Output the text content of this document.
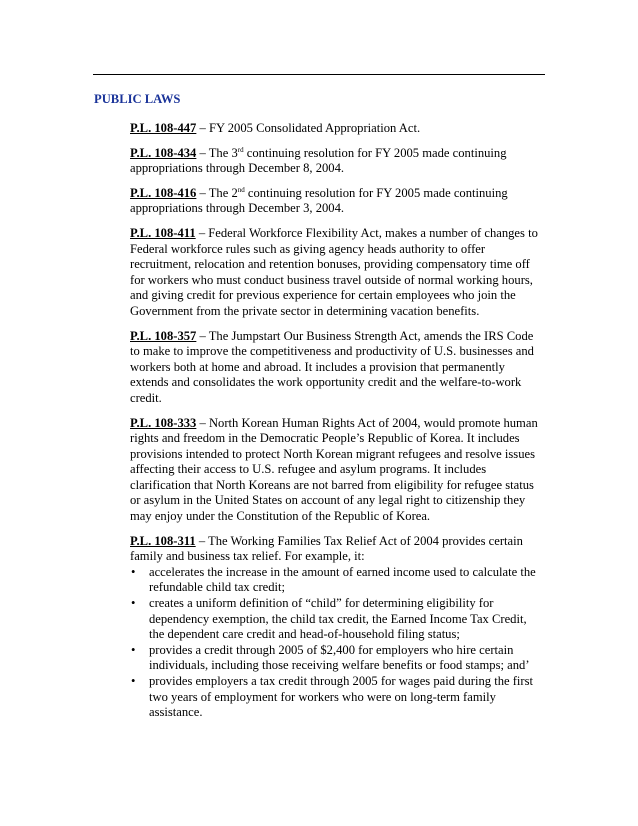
PUBLIC LAWS

P.L. 108-447 – FY 2005 Consolidated Appropriation Act.

P.L. 108-434 – The 3rd continuing resolution for FY 2005 made continuing appropriations through December 8, 2004.

P.L. 108-416 – The 2nd continuing resolution for FY 2005 made continuing appropriations through December 3, 2004.

P.L. 108-411 – Federal Workforce Flexibility Act, makes a number of changes to Federal workforce rules such as giving agency heads authority to offer recruitment, relocation and retention bonuses, providing compensatory time off for workers who must conduct business travel outside of normal working hours, and giving credit for previous experience for certain employees who join the Government from the private sector in determining vacation benefits.

P.L. 108-357 – The Jumpstart Our Business Strength Act, amends the IRS Code to make to improve the competitiveness and productivity of U.S. businesses and workers both at home and abroad. It includes a provision that permanently extends and consolidates the work opportunity credit and the welfare-to-work credit.

P.L. 108-333 – North Korean Human Rights Act of 2004, would promote human rights and freedom in the Democratic People’s Republic of Korea. It includes provisions intended to protect North Korean migrant refugees and resolve issues affecting their access to U.S. refugee and asylum programs. It includes clarification that North Koreans are not barred from eligibility for refugee status or asylum in the United States on account of any legal right to citizenship they may enjoy under the Constitution of the Republic of Korea.

P.L. 108-311 – The Working Families Tax Relief Act of 2004 provides certain family and business tax relief. For example, it:
• accelerates the increase in the amount of earned income used to calculate the refundable child tax credit;
• creates a uniform definition of “child” for determining eligibility for dependency exemption, the child tax credit, the Earned Income Tax Credit, the dependent care credit and head-of-household filing status;
• provides a credit through 2005 of $2,400 for employers who hire certain individuals, including those receiving welfare benefits or food stamps; and’
• provides employers a tax credit through 2005 for wages paid during the first two years of employment for workers who were on long-term family assistance.
